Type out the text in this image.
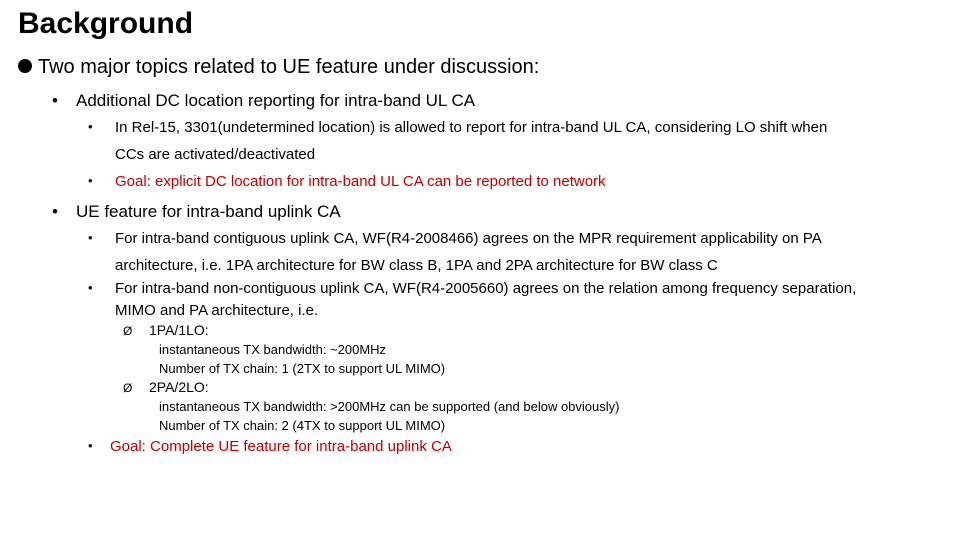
Background
Two major topics related to UE feature under discussion:
• Additional DC location reporting for intra-band UL CA
• In Rel-15, 3301(undetermined location) is allowed to report for intra-band UL CA, considering LO shift when
CCs are activated/deactivated
• Goal: explicit DC location for intra-band UL CA can be reported to network
• UE feature for intra-band uplink CA
• For intra-band contiguous uplink CA, WF(R4-2008466) agrees on the MPR requirement applicability on PA
architecture, i.e. 1PA architecture for BW class B, 1PA and 2PA architecture for BW class C
• For intra-band non-contiguous uplink CA, WF(R4-2005660) agrees on the relation among frequency separation,
MIMO and PA architecture, i.e.
Ø 1PA/1LO:
instantaneous TX bandwidth: ~200MHz
Number of TX chain: 1 (2TX to support UL MIMO)
Ø 2PA/2LO:
instantaneous TX bandwidth: >200MHz can be supported (and below obviously)
Number of TX chain: 2 (4TX to support UL MIMO)
• Goal: Complete UE feature for intra-band uplink CA
